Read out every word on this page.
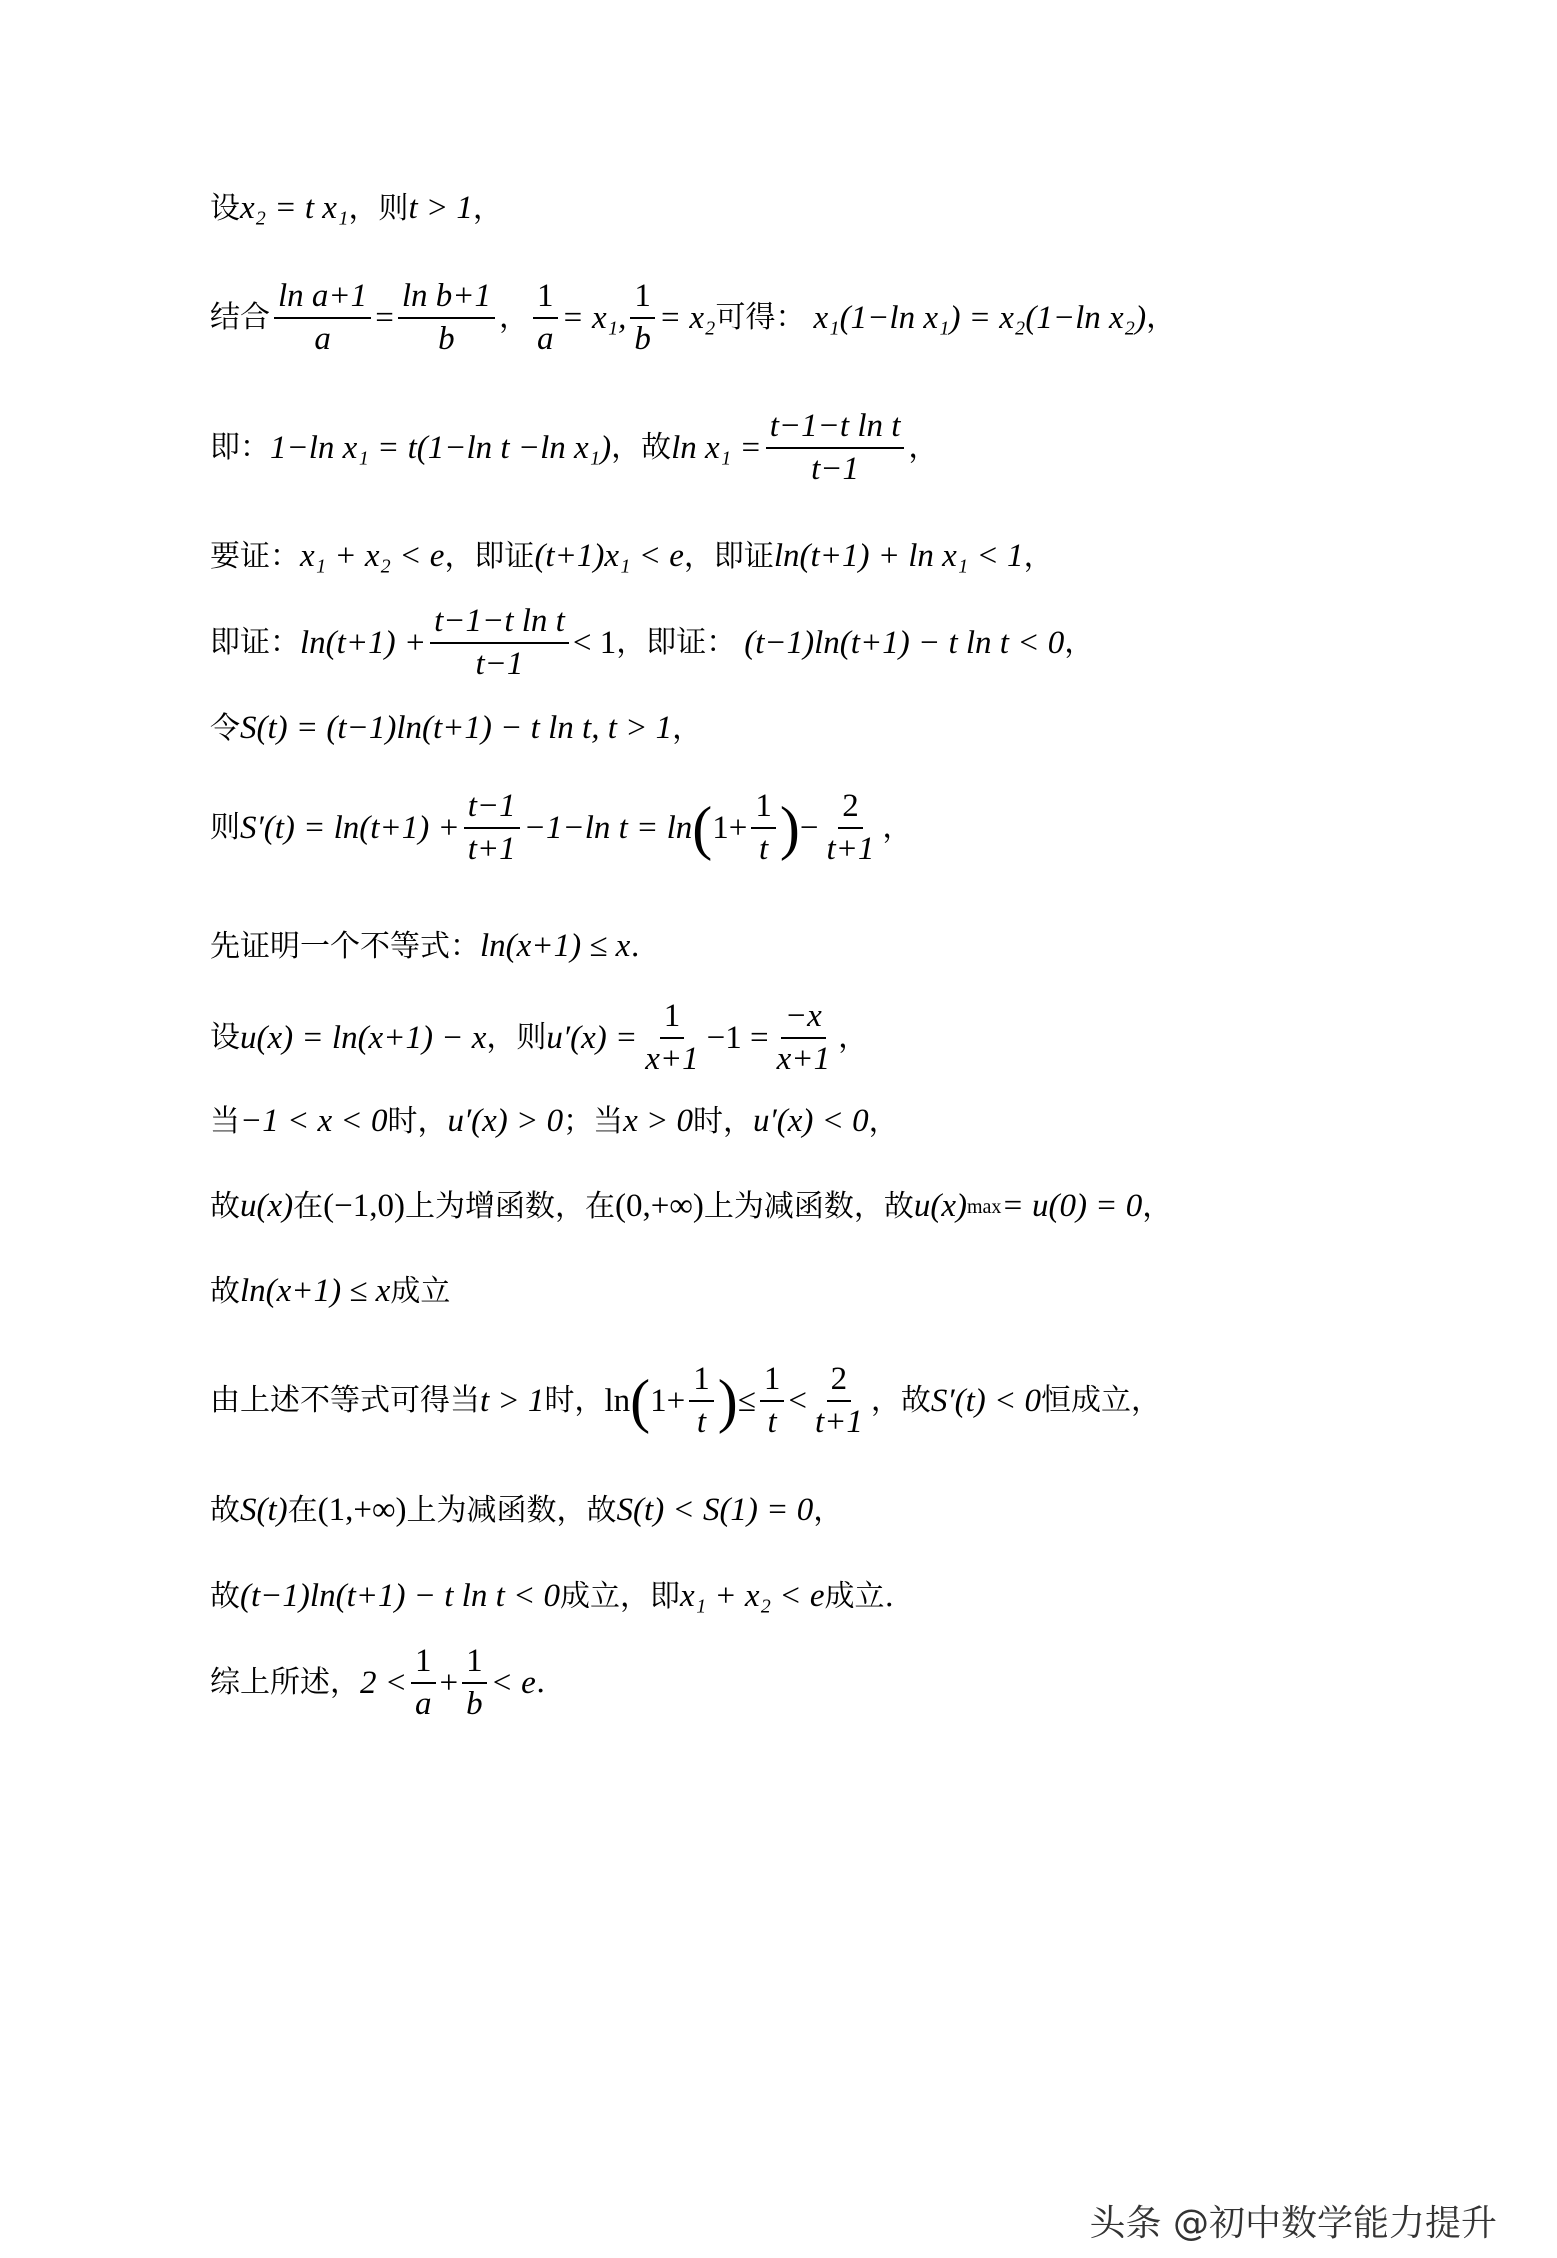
设 x₂ = t x₁ ，则 t > 1 ，
结合 $\frac{\text{ln a+1}}{a} = \frac{\text{ln b+1}}{b}$ ， $\frac{1}{a} = x_1$, $\frac{1}{b} = x_2$ 可得： x₁(1−ln x₁) = x₂(1−ln x₂) ，
即： 1−ln x₁ = t(1−ln t −ln x₁) ，故 $\ln x_1 = \frac{\text{t−1−t ln t}}{t-1}$ ，
要证： x₁ + x₂ < e ，即证 (t+1)x₁ < e ，即证 ln(t+1) + ln x₁ < 1 ，
即证： $\ln(t+1) + \frac{\text{t−1−t ln t}}{t-1} < 1$ ，即证： (t−1)ln(t+1) − t ln t < 0 ，
令 S(t) = (t−1)ln(t+1) − t ln t, t > 1 ，
则 $S'(t) = \ln(t+1) + \frac{t-1}{t+1} -1-\ln$ t = ln ( $1+ \frac{1}{t}$ ) − $\frac{2}{t+1}$ ，
先证明一个不等式： ln(x+1) ≤ x .
设 u(x) = ln(x+1) − x ，则 $u'(x) = \frac{1}{x+1} -1 = \frac{-x}{x+1}$ ，
当 −1 < x < 0 时， u′(x) > 0 ；当 x > 0 时， u′(x) < 0 ，
故 u(x) 在 (−1,0) 上为增函数，在 (0,+∞) 上为减函数，故 u(x) max = u(0) = 0 ，
故 ln(x+1) ≤ x 成立
由上述不等式可得当 t > 1 时， ln ( $1+ \frac{1}{t}$ ) ≤ $\frac{1}{t} < \frac{2}{t+1}$ ，故 S′(t) < 0 恒成立，
故 S(t) 在 (1,+∞) 上为减函数，故 S(t) < S(1) = 0 ，
故 (t−1)ln(t+1) − t ln t < 0 成立，即 x₁ + x₂ < e 成立.
综上所述， $2 < \frac{1}{a} + \frac{1}{b} < e$ .
头条 @初中数学能力提升
